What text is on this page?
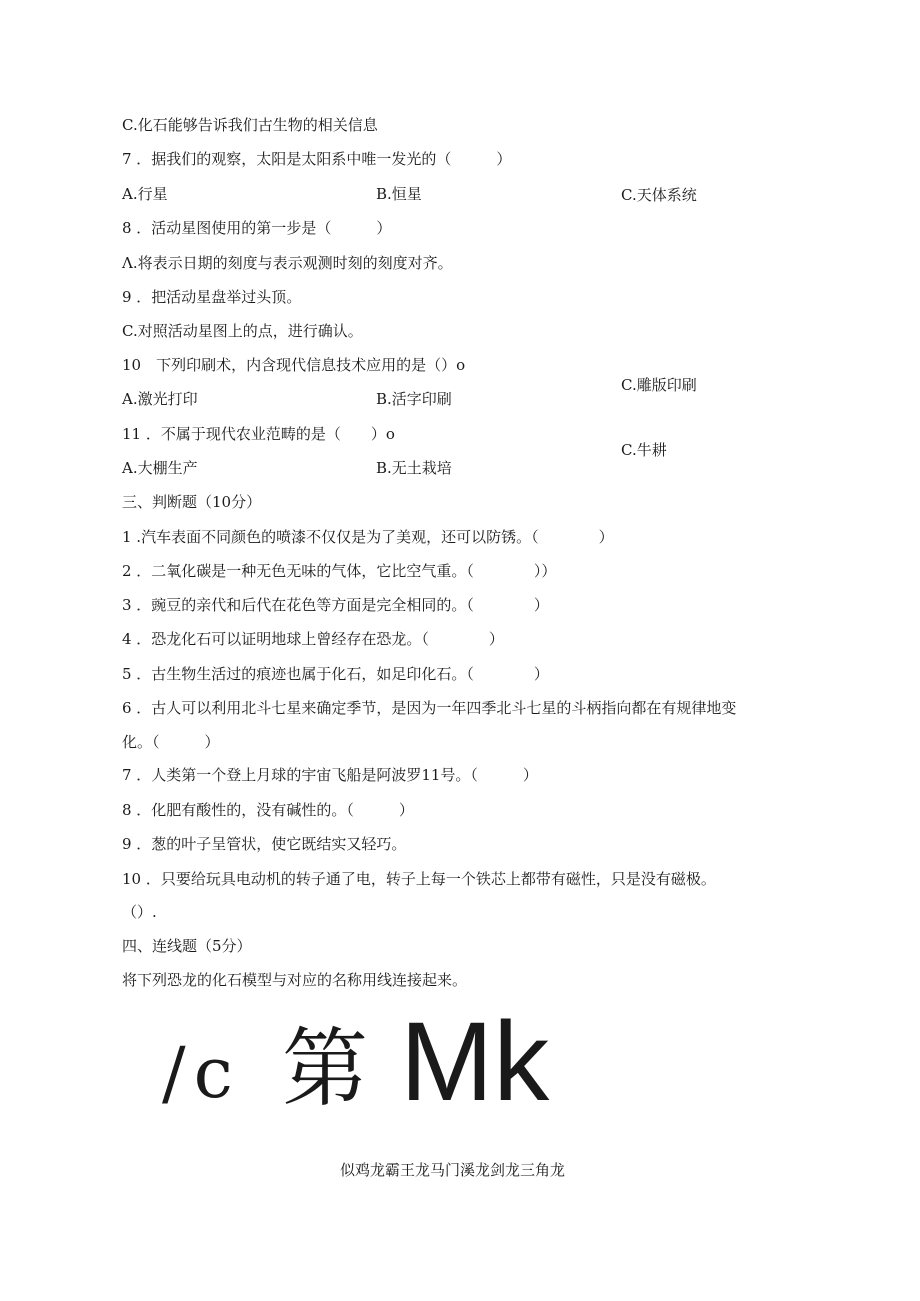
C.化石能够告诉我们古生物的相关信息
7 ．据我们的观察，太阳是太阳系中唯一发光的（　　　）
A.行星	B.恒星	C.天体系统
8 ．活动星图使用的第一步是（　　　）
Λ.将表示日期的刻度与表示观测时刻的刻度对齐。
9 ．把活动星盘举过头顶。
C.对照活动星图上的点，进行确认。
10　下列印刷术，内含现代信息技术应用的是（）o
C.雕版印刷
A.激光打印	B.活字印刷
11 ．不属于现代农业范畴的是（　　）o
C.牛耕
A.大棚生产	B.无土栽培
三、判断题（10分）
1 .汽车表面不同颜色的喷漆不仅仅是为了美观，还可以防锈。（　　　　）
2 ．二氧化碳是一种无色无味的气体，它比空气重。（　　　　））
3 ．豌豆的亲代和后代在花色等方面是完全相同的。（　　　　）
4 ．恐龙化石可以证明地球上曾经存在恐龙。（　　　　）
5 ．古生物生活过的痕迹也属于化石，如足印化石。（　　　　）
6 ．古人可以利用北斗七星来确定季节，是因为一年四季北斗七星的斗柄指向都在有规律地变
化。（　　　）
7 ．人类第一个登上月球的宇宙飞船是阿波罗11号。（　　　）
8 ．化肥有酸性的，没有碱性的。（　　　）
9 ．葱的叶子呈管状，使它既结实又轻巧。
10 ．只要给玩具电动机的转子通了电，转子上每一个铁芯上都带有磁性，只是没有磁极。
（）.
四、连线题（5分）
将下列恐龙的化石模型与对应的名称用线连接起来。
/c 第 Mk
似鸡龙霸王龙马门溪龙剑龙三角龙
